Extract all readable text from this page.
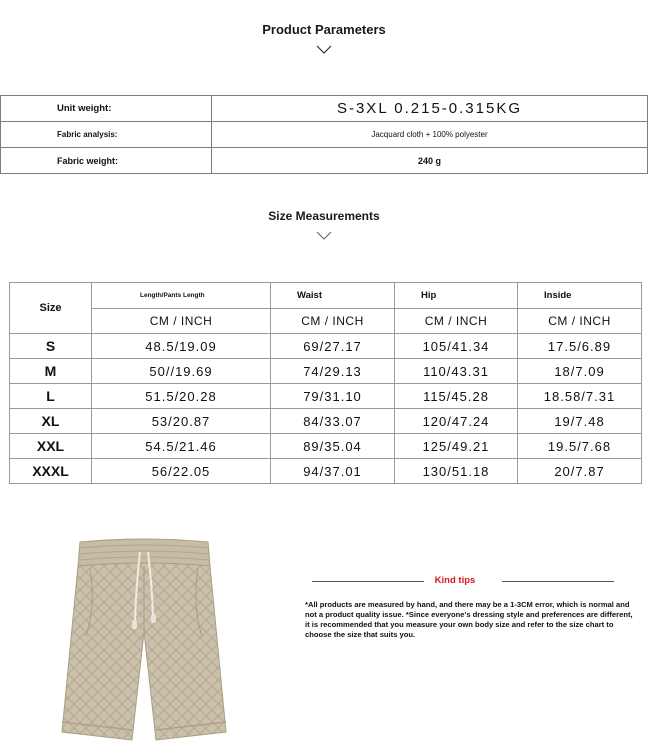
Product Parameters
Unit weight:	S-3XL 0.215-0.315KG
Fabric analysis:	Jacquard cloth + 100% polyester
Fabric weight:	240 g
Size Measurements
Size	Length/Pants Length	Waist	Hip	Inside
	CM / INCH	CM / INCH	CM / INCH	CM / INCH
S	48.5/19.09	69/27.17	105/41.34	17.5/6.89
M	50//19.69	74/29.13	110/43.31	18/7.09
L	51.5/20.28	79/31.10	115/45.28	18.58/7.31
XL	53/20.87	84/33.07	120/47.24	19/7.48
XXL	54.5/21.46	89/35.04	125/49.21	19.5/7.68
XXXL	56/22.05	94/37.01	130/51.18	20/7.87
Kind tips
*All products are measured by hand, and there may be a 1-3CM error, which is normal and not a product quality issue. *Since everyone's dressing style and preferences are different, it is recommended that you measure your own body size and refer to the size chart to choose the size that suits you.
